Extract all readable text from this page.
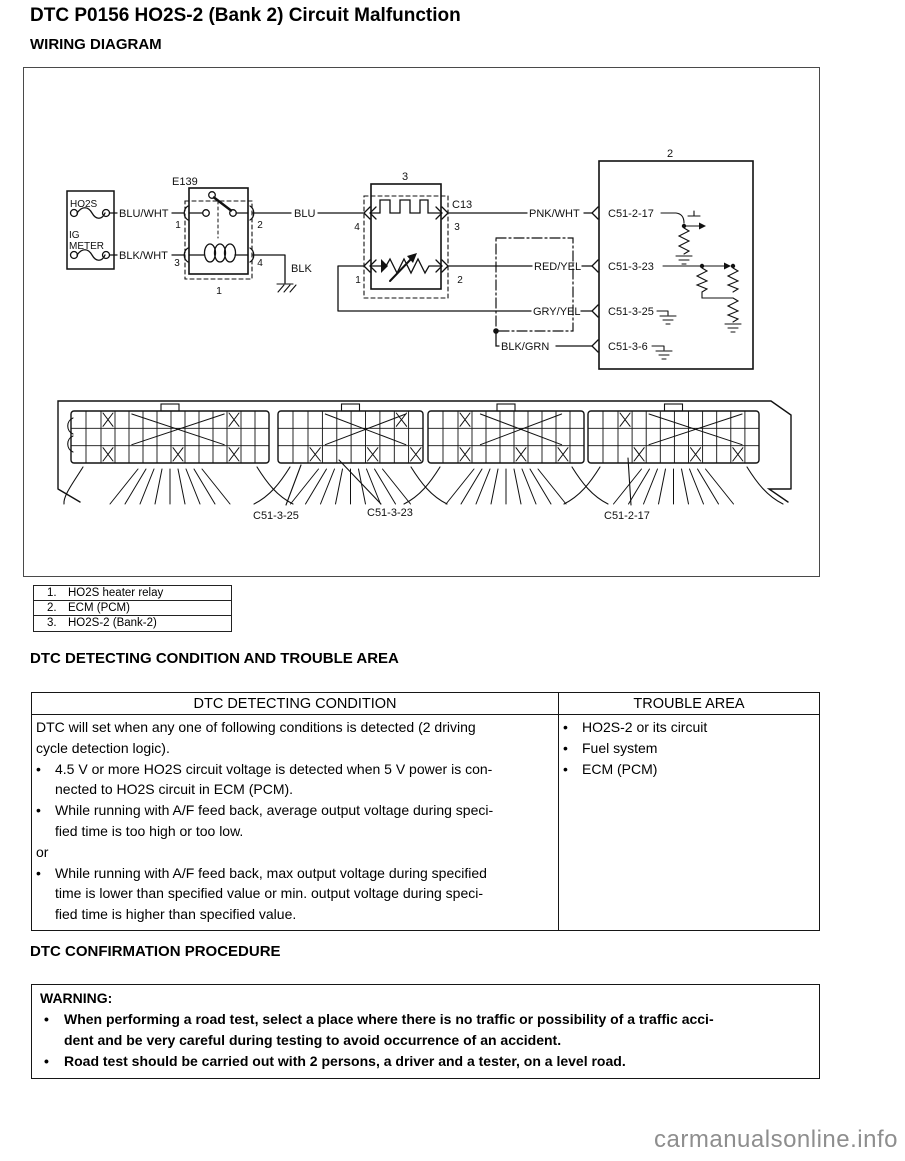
DTC P0156 HO2S-2 (Bank 2) Circuit Malfunction
WIRING DIAGRAM
HO2S
IG
METER
BLU/WHT
BLK/WHT
E139
1	2
3	4
1
BLU
BLK
3
C13
4	3
1	2
PNK/WHT
RED/YEL
GRY/YEL
BLK/GRN
2
C51-2-17
C51-3-23
C51-3-25
C51-3-6
C51-3-25	C51-3-23	C51-2-17
1. HO2S heater relay
2. ECM (PCM)
3. HO2S-2 (Bank-2)
DTC DETECTING CONDITION AND TROUBLE AREA
DTC DETECTING CONDITION	TROUBLE AREA
DTC will set when any one of following conditions is detected (2 driving
cycle detection logic).
• 4.5 V or more HO2S circuit voltage is detected when 5 V power is con-
nected to HO2S circuit in ECM (PCM).
• While running with A/F feed back, average output voltage during speci-
fied time is too high or too low.
or
• While running with A/F feed back, max output voltage during specified
time is lower than specified value or min. output voltage during speci-
fied time is higher than specified value.
• HO2S-2 or its circuit
• Fuel system
• ECM (PCM)
DTC CONFIRMATION PROCEDURE
WARNING:
• When performing a road test, select a place where there is no traffic or possibility of a traffic acci-
dent and be very careful during testing to avoid occurrence of an accident.
• Road test should be carried out with 2 persons, a driver and a tester, on a level road.
carmanualsonline.info
